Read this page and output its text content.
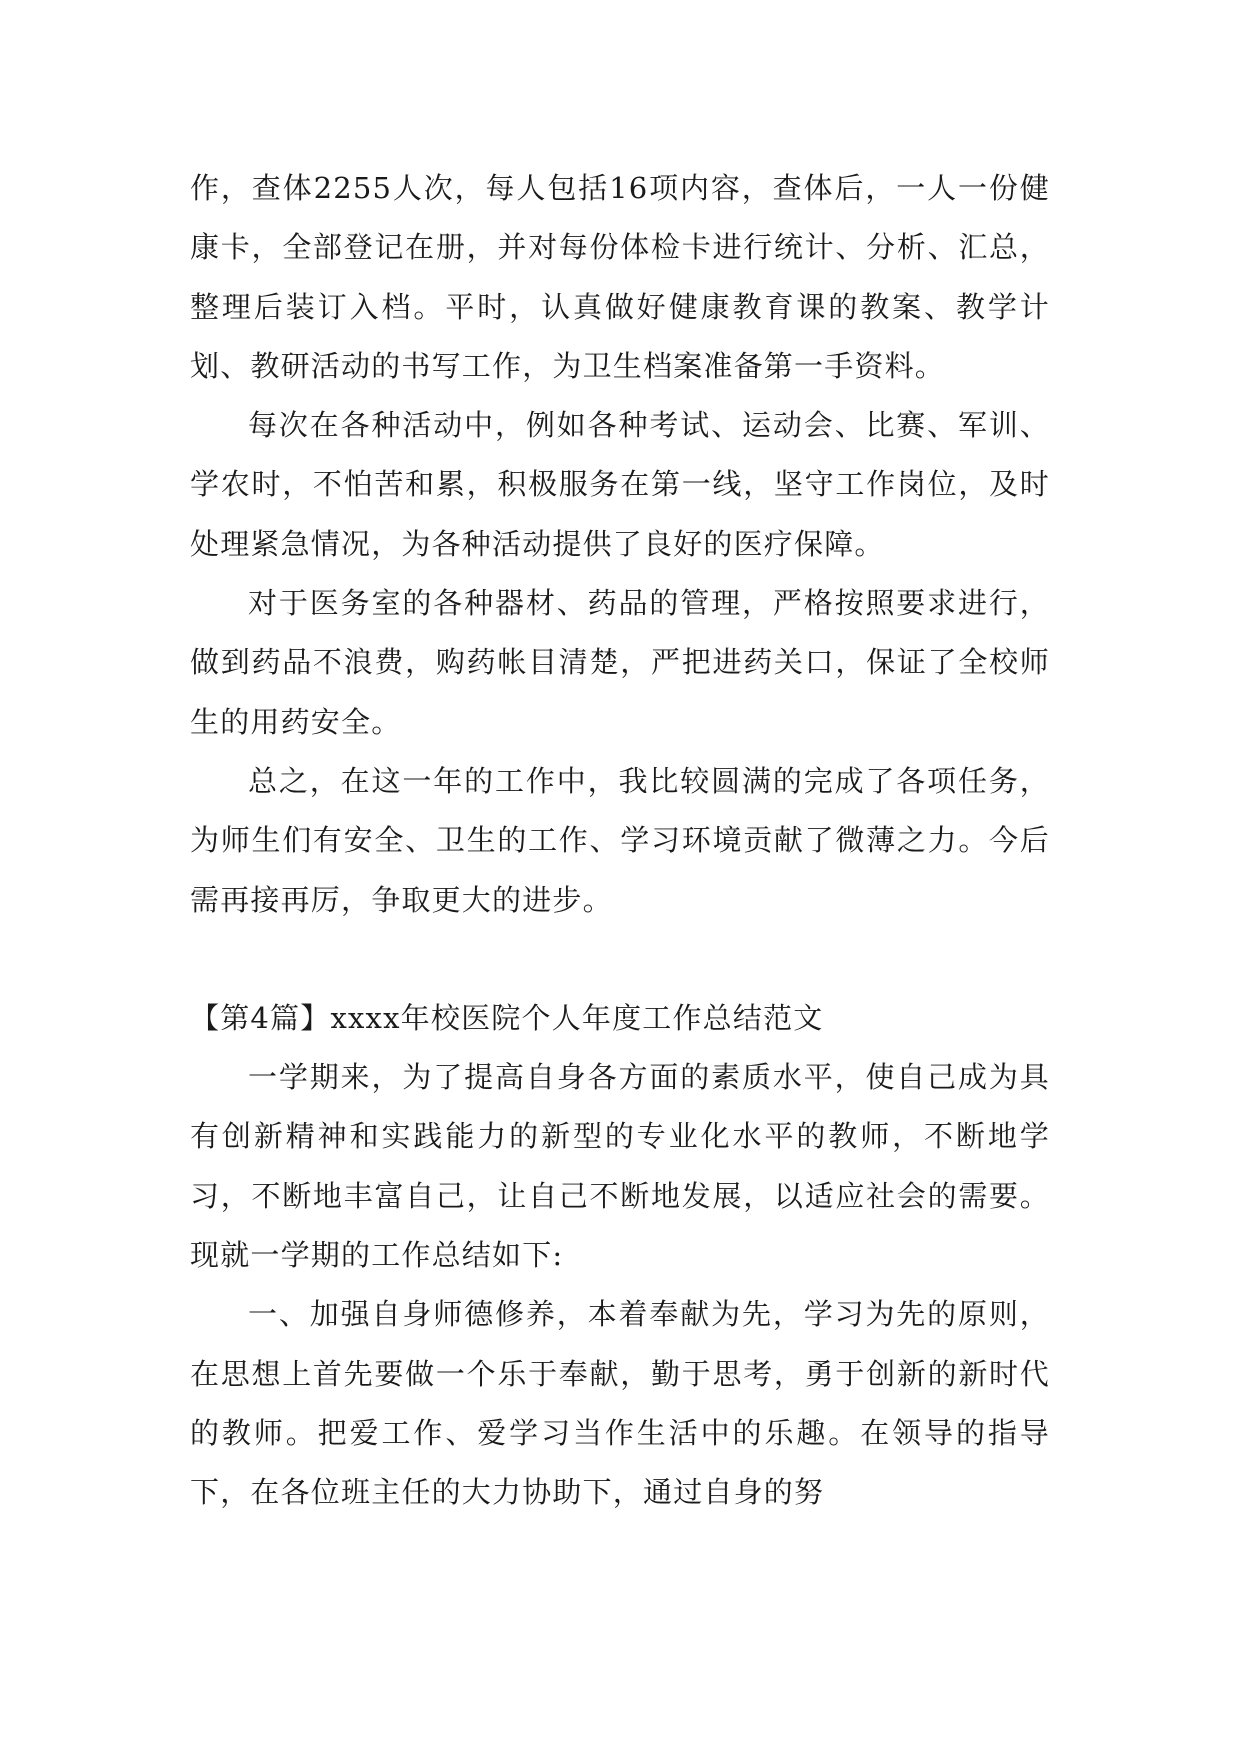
作，查体2255人次，每人包括16项内容，查体后，一人一份健康卡，全部登记在册，并对每份体检卡进行统计、分析、汇总，整理后装订入档。平时，认真做好健康教育课的教案、教学计划、教研活动的书写工作，为卫生档案准备第一手资料。

每次在各种活动中，例如各种考试、运动会、比赛、军训、学农时，不怕苦和累，积极服务在第一线，坚守工作岗位，及时处理紧急情况，为各种活动提供了良好的医疗保障。

对于医务室的各种器材、药品的管理，严格按照要求进行，做到药品不浪费，购药帐目清楚，严把进药关口，保证了全校师生的用药安全。

总之，在这一年的工作中，我比较圆满的完成了各项任务，为师生们有安全、卫生的工作、学习环境贡献了微薄之力。今后需再接再厉，争取更大的进步。

【第4篇】xxxx年校医院个人年度工作总结范文

一学期来，为了提高自身各方面的素质水平，使自己成为具有创新精神和实践能力的新型的专业化水平的教师，不断地学习，不断地丰富自己，让自己不断地发展，以适应社会的需要。现就一学期的工作总结如下:

一、加强自身师德修养，本着奉献为先，学习为先的原则，在思想上首先要做一个乐于奉献，勤于思考，勇于创新的新时代的教师。把爱工作、爱学习当作生活中的乐趣。在领导的指导下，在各位班主任的大力协助下，通过自身的努
